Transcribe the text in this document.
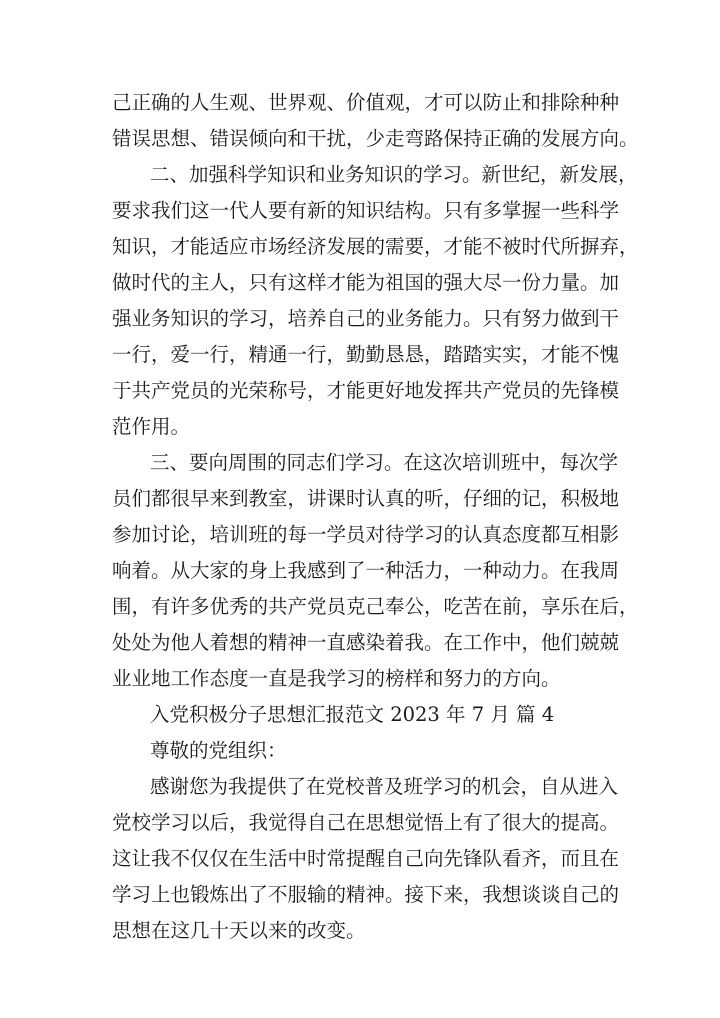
己正确的人生观、世界观、价值观，才可以防止和排除种种
错误思想、错误倾向和干扰，少走弯路保持正确的发展方向。
二、加强科学知识和业务知识的学习。新世纪，新发展，
要求我们这一代人要有新的知识结构。只有多掌握一些科学
知识，才能适应市场经济发展的需要，才能不被时代所摒弃，
做时代的主人，只有这样才能为祖国的强大尽一份力量。加
强业务知识的学习，培养自己的业务能力。只有努力做到干
一行，爱一行，精通一行，勤勤恳恳，踏踏实实，才能不愧
于共产党员的光荣称号，才能更好地发挥共产党员的先锋模
范作用。
三、要向周围的同志们学习。在这次培训班中，每次学
员们都很早来到教室，讲课时认真的听，仔细的记，积极地
参加讨论，培训班的每一学员对待学习的认真态度都互相影
响着。从大家的身上我感到了一种活力，一种动力。在我周
围，有许多优秀的共产党员克己奉公，吃苦在前，享乐在后，
处处为他人着想的精神一直感染着我。在工作中，他们兢兢
业业地工作态度一直是我学习的榜样和努力的方向。
入党积极分子思想汇报范文 2023 年 7 月 篇 4
尊敬的党组织：
感谢您为我提供了在党校普及班学习的机会，自从进入
党校学习以后，我觉得自己在思想觉悟上有了很大的提高。
这让我不仅仅在生活中时常提醒自己向先锋队看齐，而且在
学习上也锻炼出了不服输的精神。接下来，我想谈谈自己的
思想在这几十天以来的改变。
